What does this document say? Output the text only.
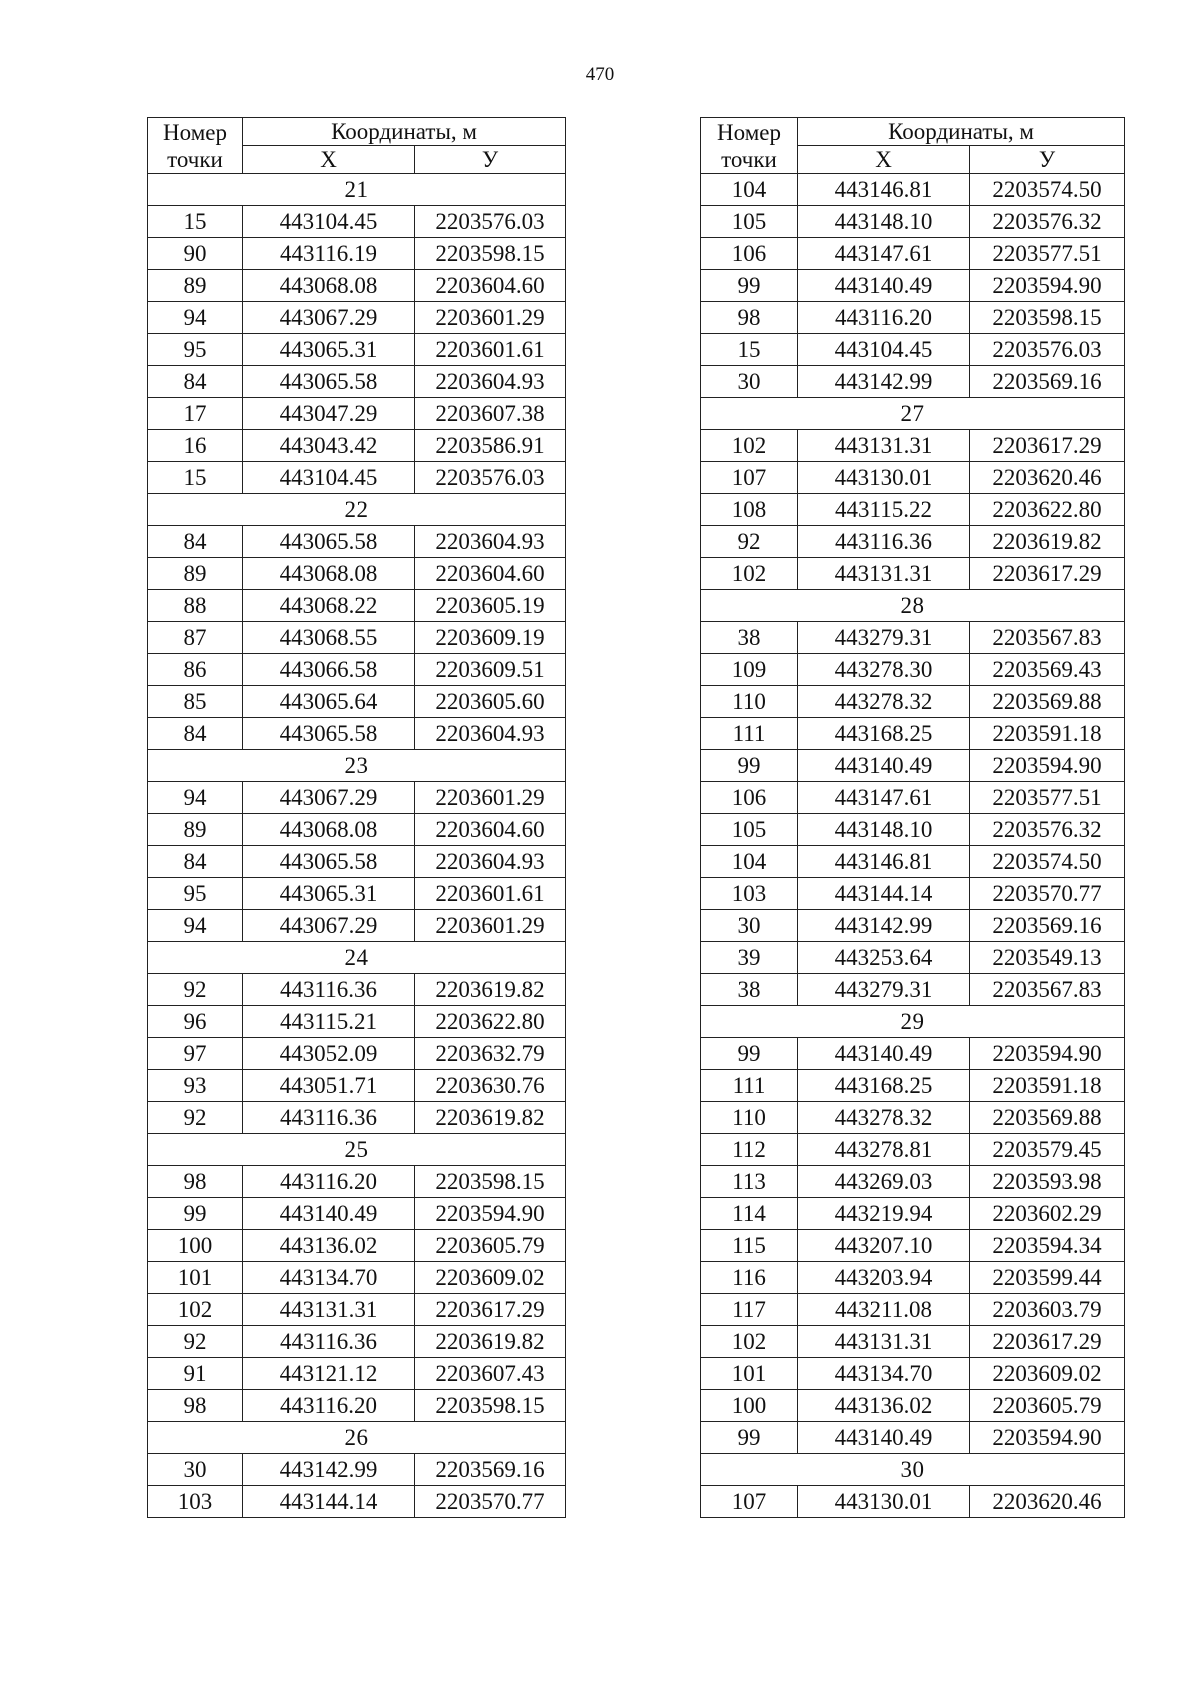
470
Номер
точки	Координаты, м	
	Х	У
21		
15	443104.45	2203576.03
90	443116.19	2203598.15
89	443068.08	2203604.60
94	443067.29	2203601.29
95	443065.31	2203601.61
84	443065.58	2203604.93
17	443047.29	2203607.38
16	443043.42	2203586.91
15	443104.45	2203576.03
22		
84	443065.58	2203604.93
89	443068.08	2203604.60
88	443068.22	2203605.19
87	443068.55	2203609.19
86	443066.58	2203609.51
85	443065.64	2203605.60
84	443065.58	2203604.93
23		
94	443067.29	2203601.29
89	443068.08	2203604.60
84	443065.58	2203604.93
95	443065.31	2203601.61
94	443067.29	2203601.29
24		
92	443116.36	2203619.82
96	443115.21	2203622.80
97	443052.09	2203632.79
93	443051.71	2203630.76
92	443116.36	2203619.82
25		
98	443116.20	2203598.15
99	443140.49	2203594.90
100	443136.02	2203605.79
101	443134.70	2203609.02
102	443131.31	2203617.29
92	443116.36	2203619.82
91	443121.12	2203607.43
98	443116.20	2203598.15
26		
30	443142.99	2203569.16
103	443144.14	2203570.77
Номер
точки	Координаты, м	
	Х	У
104	443146.81	2203574.50
105	443148.10	2203576.32
106	443147.61	2203577.51
99	443140.49	2203594.90
98	443116.20	2203598.15
15	443104.45	2203576.03
30	443142.99	2203569.16
27		
102	443131.31	2203617.29
107	443130.01	2203620.46
108	443115.22	2203622.80
92	443116.36	2203619.82
102	443131.31	2203617.29
28		
38	443279.31	2203567.83
109	443278.30	2203569.43
110	443278.32	2203569.88
111	443168.25	2203591.18
99	443140.49	2203594.90
106	443147.61	2203577.51
105	443148.10	2203576.32
104	443146.81	2203574.50
103	443144.14	2203570.77
30	443142.99	2203569.16
39	443253.64	2203549.13
38	443279.31	2203567.83
29		
99	443140.49	2203594.90
111	443168.25	2203591.18
110	443278.32	2203569.88
112	443278.81	2203579.45
113	443269.03	2203593.98
114	443219.94	2203602.29
115	443207.10	2203594.34
116	443203.94	2203599.44
117	443211.08	2203603.79
102	443131.31	2203617.29
101	443134.70	2203609.02
100	443136.02	2203605.79
99	443140.49	2203594.90
30		
107	443130.01	2203620.46
